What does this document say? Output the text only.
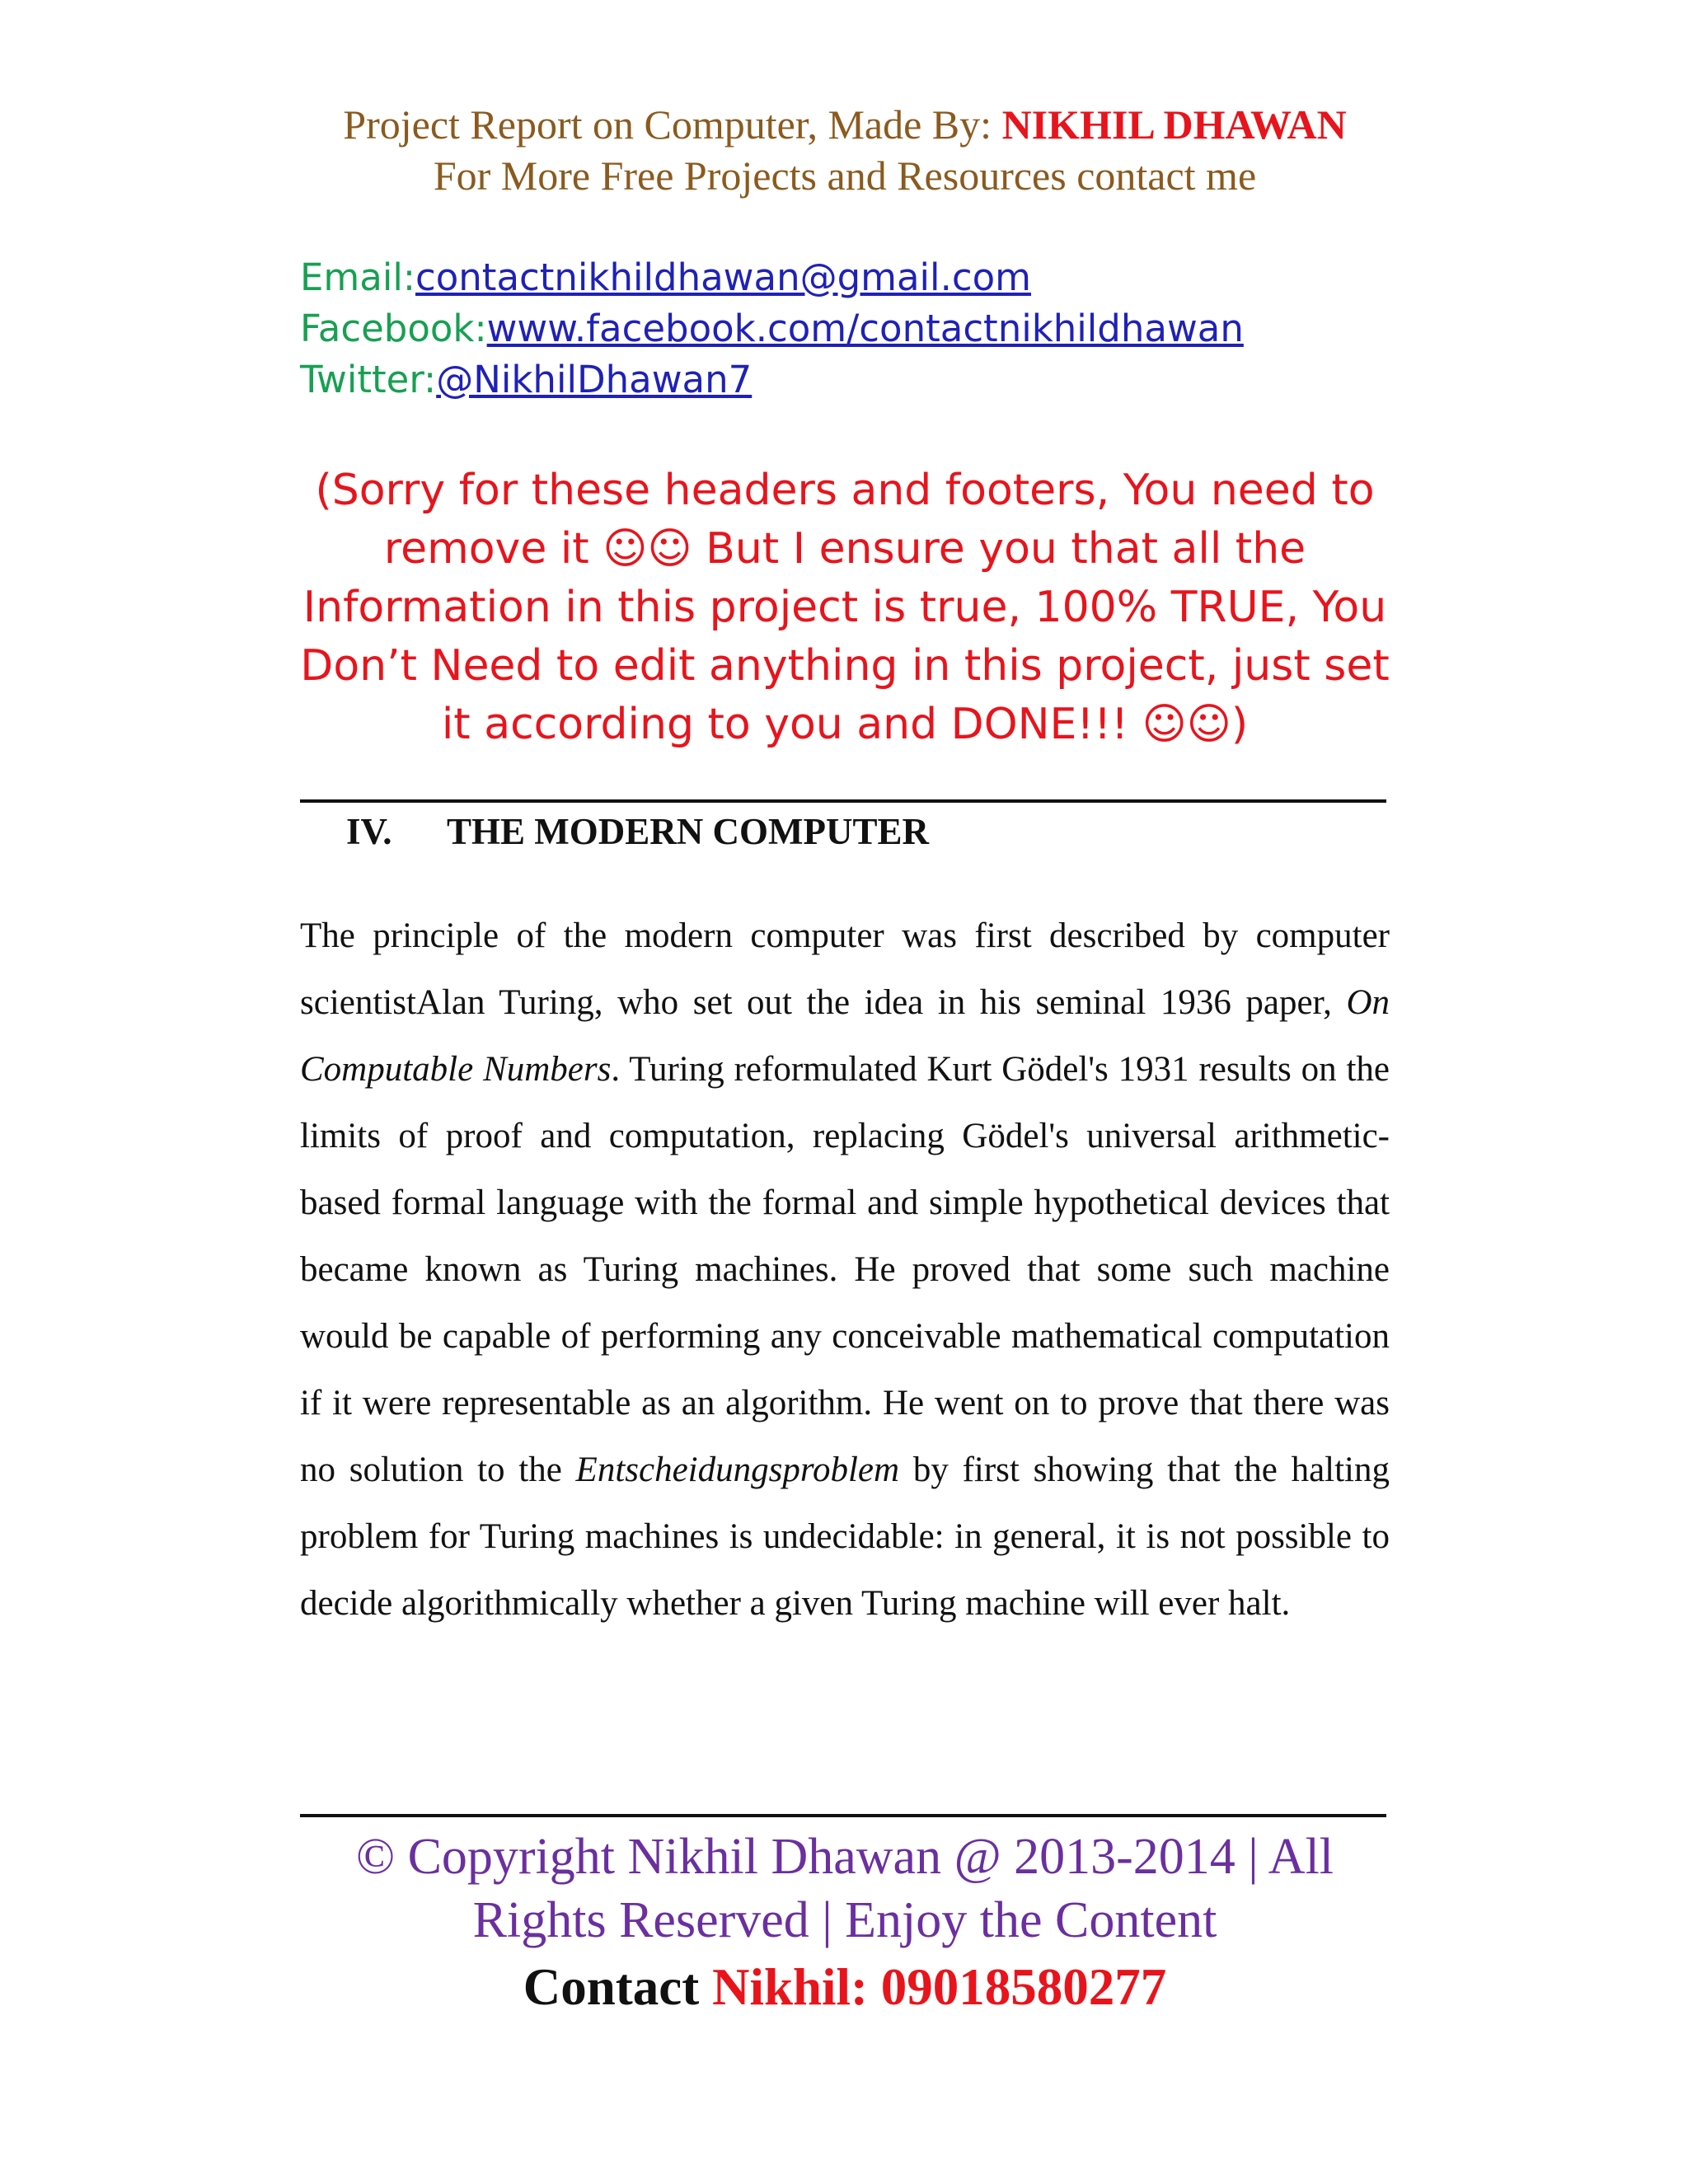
Project Report on Computer, Made By: NIKHIL DHAWAN
For More Free Projects and Resources contact me
Email:contactnikhildhawan@gmail.com
Facebook:www.facebook.com/contactnikhildhawan
Twitter:@NikhilDhawan7
(Sorry for these headers and footers, You need to remove it ☺☺ But I ensure you that all the Information in this project is true, 100% TRUE, You Don’t Need to edit anything in this project, just set it according to you and DONE!!! ☺☺)
IV. THE MODERN COMPUTER
The principle of the modern computer was first described by computer scientistAlan Turing, who set out the idea in his seminal 1936 paper, On Computable Numbers. Turing reformulated Kurt Gödel's 1931 results on the limits of proof and computation, replacing Gödel's universal arithmetic-based formal language with the formal and simple hypothetical devices that became known as Turing machines. He proved that some such machine would be capable of performing any conceivable mathematical computation if it were representable as an algorithm. He went on to prove that there was no solution to the Entscheidungsproblem by first showing that the halting problem for Turing machines is undecidable: in general, it is not possible to decide algorithmically whether a given Turing machine will ever halt.
© Copyright Nikhil Dhawan @ 2013-2014 | All Rights Reserved | Enjoy the Content
Contact Nikhil: 09018580277
